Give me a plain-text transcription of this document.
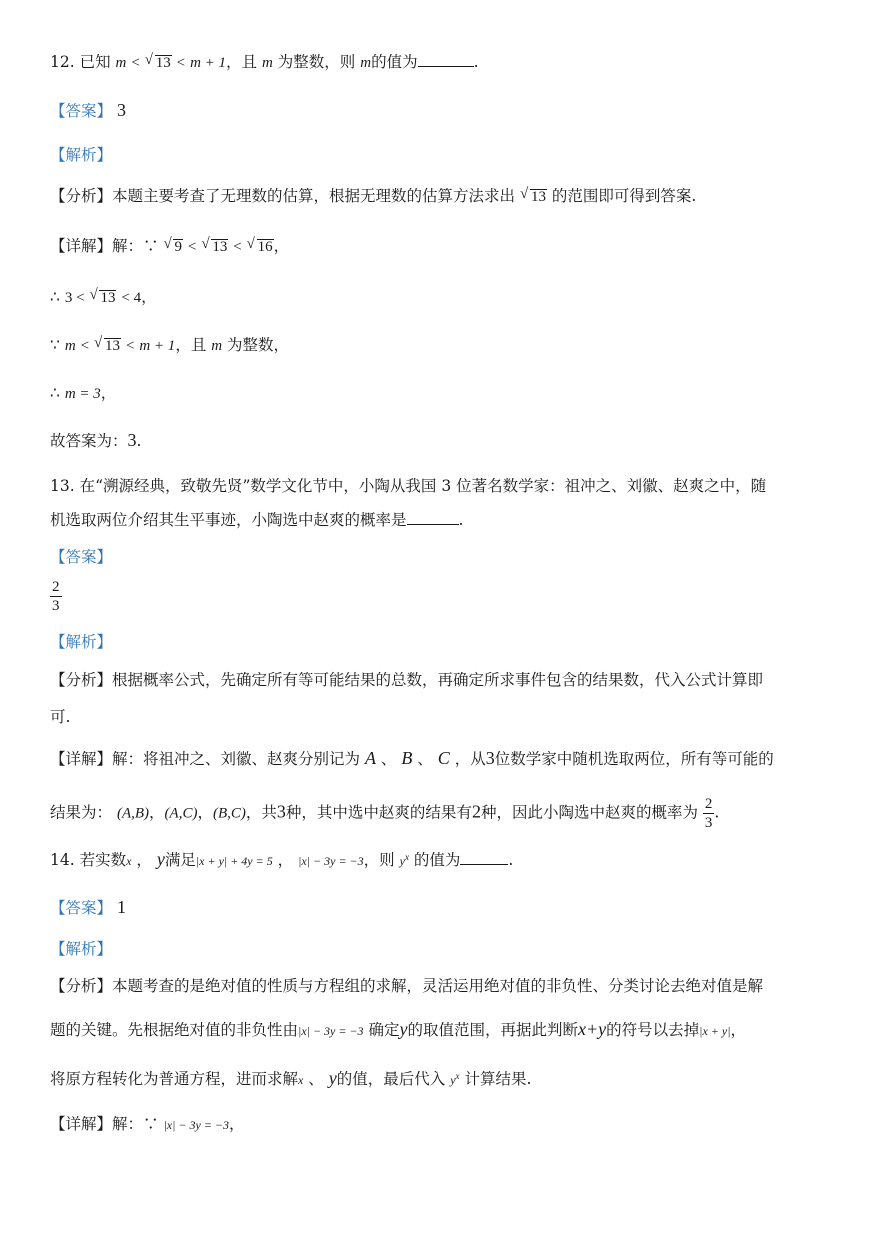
12. 已知 m < √ 13 < m + 1，且 m 为整数，则 m的值为	.
【答案】 3
【解析】
【分析】本题主要考查了无理数的估算，根据无理数的估算方法求出 √ 13 的范围即可得到答案.
【详解】解：∵ √ 9 < √ 13 < √ 16，
∴ 3 < √ 13 < 4，
∵ m < √ 13 < m + 1，且 m 为整数，
∴ m = 3，
故答案为：3.
13. 在“溯源经典，致敬先贤”数学文化节中，小陶从我国 3 位著名数学家：祖冲之、刘徽、赵爽之中，随
机选取两位介绍其生平事迹，小陶选中赵爽的概率是	.
【答案】
$\frac{2}{3}$
【解析】
【分析】根据概率公式，先确定所有等可能结果的总数，再确定所求事件包含的结果数，代入公式计算即
可.
【详解】解：将祖冲之、刘徽、赵爽分别记为 A 、 B 、 C ，从3位数学家中随机选取两位，所有等可能的
结果为： (A,B)，(A,C)，(B,C)，共3种，其中选中赵爽的结果有2种，因此小陶选中赵爽的概率为 $\frac{2}{3}$ .
14. 若实数x ， y满足|x + y| + 4y = 5 ， |x| − 3y = −3，则 $y^x$ 的值为	.
【答案】 1
【解析】
【分析】本题考查的是绝对值的性质与方程组的求解，灵活运用绝对值的非负性、分类讨论去绝对值是解
题的关键。先根据绝对值的非负性由|x| − 3y = −3 确定y的取值范围，再据此判断x+y的符号以去掉|x + y|，
将原方程转化为普通方程，进而求解x 、 y的值，最后代入 $y^x$ 计算结果.
【详解】解：∵ |x| − 3y = −3，
